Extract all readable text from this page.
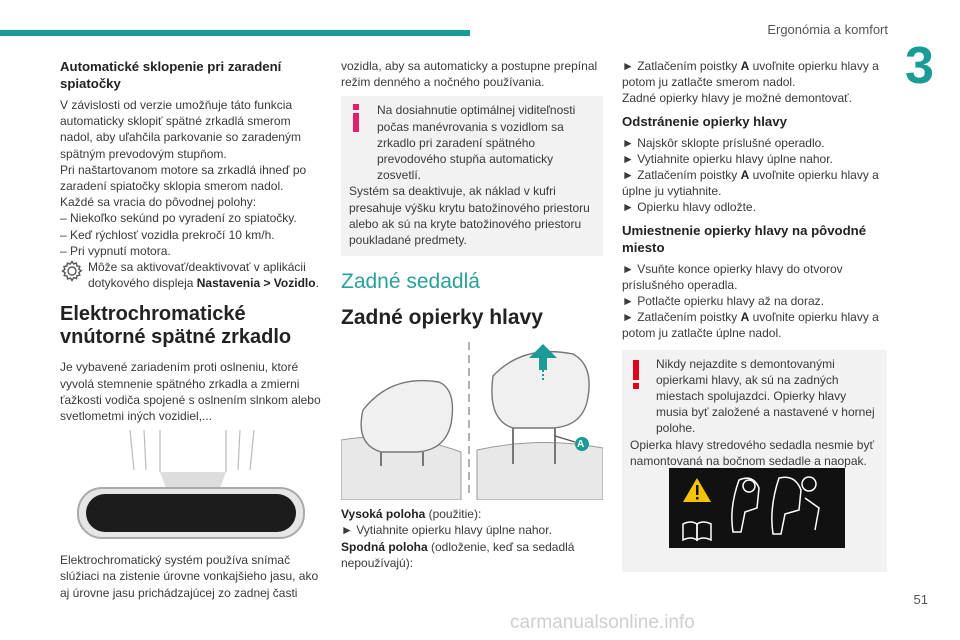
Ergonómia a komfort
3
Automatické sklopenie pri zaradení spiatočky

V závislosti od verzie umožňuje táto funkcia automaticky sklopiť spätné zrkadlá smerom nadol, aby uľahčila parkovanie so zaradeným spätným prevodovým stupňom.

Pri naštartovanom motore sa zrkadlá ihneď po zaradení spiatočky sklopia smerom nadol.

Každé sa vracia do pôvodnej polohy:

– Niekoľko sekúnd po vyradení zo spiatočky.

– Keď rýchlosť vozidla prekročí 10 km/h.

– Pri vypnutí motora.

Môže sa aktivovať/deaktivovať v aplikácii dotykového displeja Nastavenia > Vozidlo.

Elektrochromatické vnútorné spätné zrkadlo

Je vybavené zariadením proti oslneniu, ktoré vyvolá stemnenie spätného zrkadla a zmierni ťažkosti vodiča spojené s oslnením slnkom alebo svetlometmi iných vozidiel,...

Elektrochromatický systém používa snímač slúžiaci na zistenie úrovne vonkajšieho jasu, ako aj úrovne jasu prichádzajúcej zo zadnej časti

vozidla, aby sa automaticky a postupne prepínal režim denného a nočného používania.

Na dosiahnutie optimálnej viditeľnosti počas manévrovania s vozidlom sa zrkadlo pri zaradení spätného prevodového stupňa automaticky zosvetlí.

Systém sa deaktivuje, ak náklad v kufri presahuje výšku krytu batožinového priestoru alebo ak sú na kryte batožinového priestoru poukladané predmety.

Zadné sedadlá
Zadné opierky hlavy
A

Vysoká poloha (použitie):

► Vytiahnite opierku hlavy úplne nahor.

Spodná poloha (odloženie, keď sa sedadlá nepoužívajú):

► Zatlačením poistky A uvoľnite opierku hlavy a potom ju zatlačte smerom nadol.

Zadné opierky hlavy je možné demontovať.

Odstránenie opierky hlavy

► Najskôr sklopte príslušné operadlo.

► Vytiahnite opierku hlavy úplne nahor.

► Zatlačením poistky A uvoľnite opierku hlavy a úplne ju vytiahnite.

► Opierku hlavy odložte.

Umiestnenie opierky hlavy na pôvodné miesto

► Vsuňte konce opierky hlavy do otvorov príslušného operadla.

► Potlačte opierku hlavy až na doraz.

► Zatlačením poistky A uvoľnite opierku hlavy a potom ju zatlačte úplne nadol.

Nikdy nejazdite s demontovanými opierkami hlavy, ak sú na zadných miestach spolujazdci. Opierky hlavy musia byť založené a nastavené v hornej polohe.

Opierka hlavy stredového sedadla nesmie byť namontovaná na bočnom sedadle a naopak.

51
carmanualsonline.info
